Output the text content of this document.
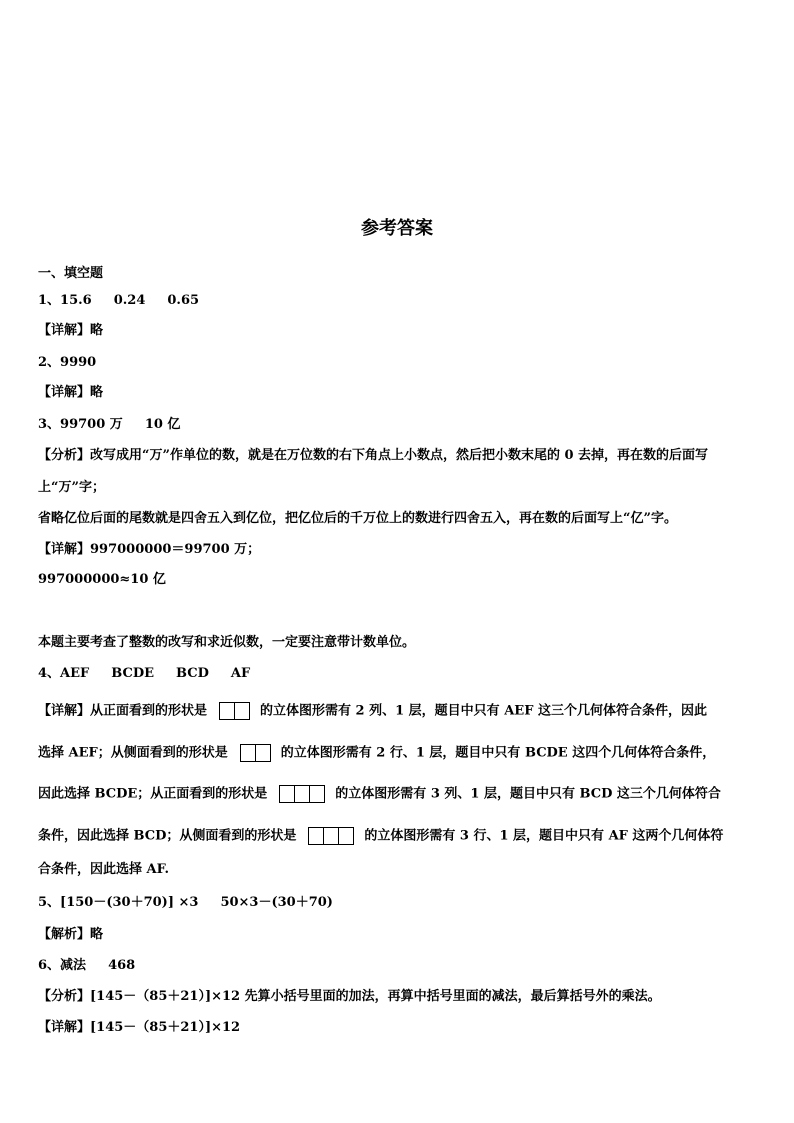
参考答案
一、填空题
1、15.6 0.24 0.65
【详解】略
2、9990
【详解】略
3、99700 万 10 亿
【分析】改写成用“万”作单位的数，就是在万位数的右下角点上小数点，然后把小数末尾的 0 去掉，再在数的后面写
上“万”字；
省略亿位后面的尾数就是四舍五入到亿位，把亿位后的千万位上的数进行四舍五入，再在数的后面写上“亿”字。
【详解】997000000＝99700 万；
997000000≈10 亿
本题主要考查了整数的改写和求近似数，一定要注意带计数单位。
4、AEF BCDE BCD AF
【详解】从正面看到的形状是	的立体图形需有 2 列、1 层，题目中只有 AEF 这三个几何体符合条件，因此
选择 AEF；从侧面看到的形状是	的立体图形需有 2 行、1 层，题目中只有 BCDE 这四个几何体符合条件，
因此选择 BCDE；从正面看到的形状是	的立体图形需有 3 列、1 层，题目中只有 BCD 这三个几何体符合
条件，因此选择 BCD；从侧面看到的形状是	的立体图形需有 3 行、1 层，题目中只有 AF 这两个几何体符
合条件，因此选择 AF.
5、[150－(30＋70)] ×3 50×3－(30＋70)
【解析】略
6、减法 468
【分析】[145－（85＋21）]×12 先算小括号里面的加法，再算中括号里面的减法，最后算括号外的乘法。
【详解】[145－（85＋21）]×12
